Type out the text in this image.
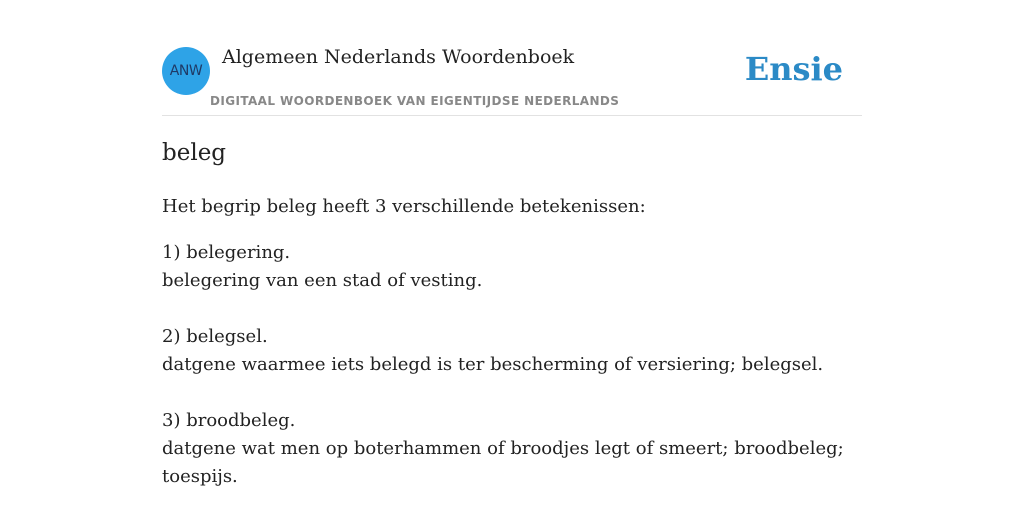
ANW
Algemeen Nederlands Woordenboek
DIGITAAL WOORDENBOEK VAN EIGENTIJDSE NEDERLANDS
Ensie
beleg

Het begrip beleg heeft 3 verschillende betekenissen:

1) belegering.
belegering van een stad of vesting.
2) belegsel.
datgene waarmee iets belegd is ter bescherming of versiering; belegsel.
3) broodbeleg.
datgene wat men op boterhammen of broodjes legt of smeert; broodbeleg; toespijs.
